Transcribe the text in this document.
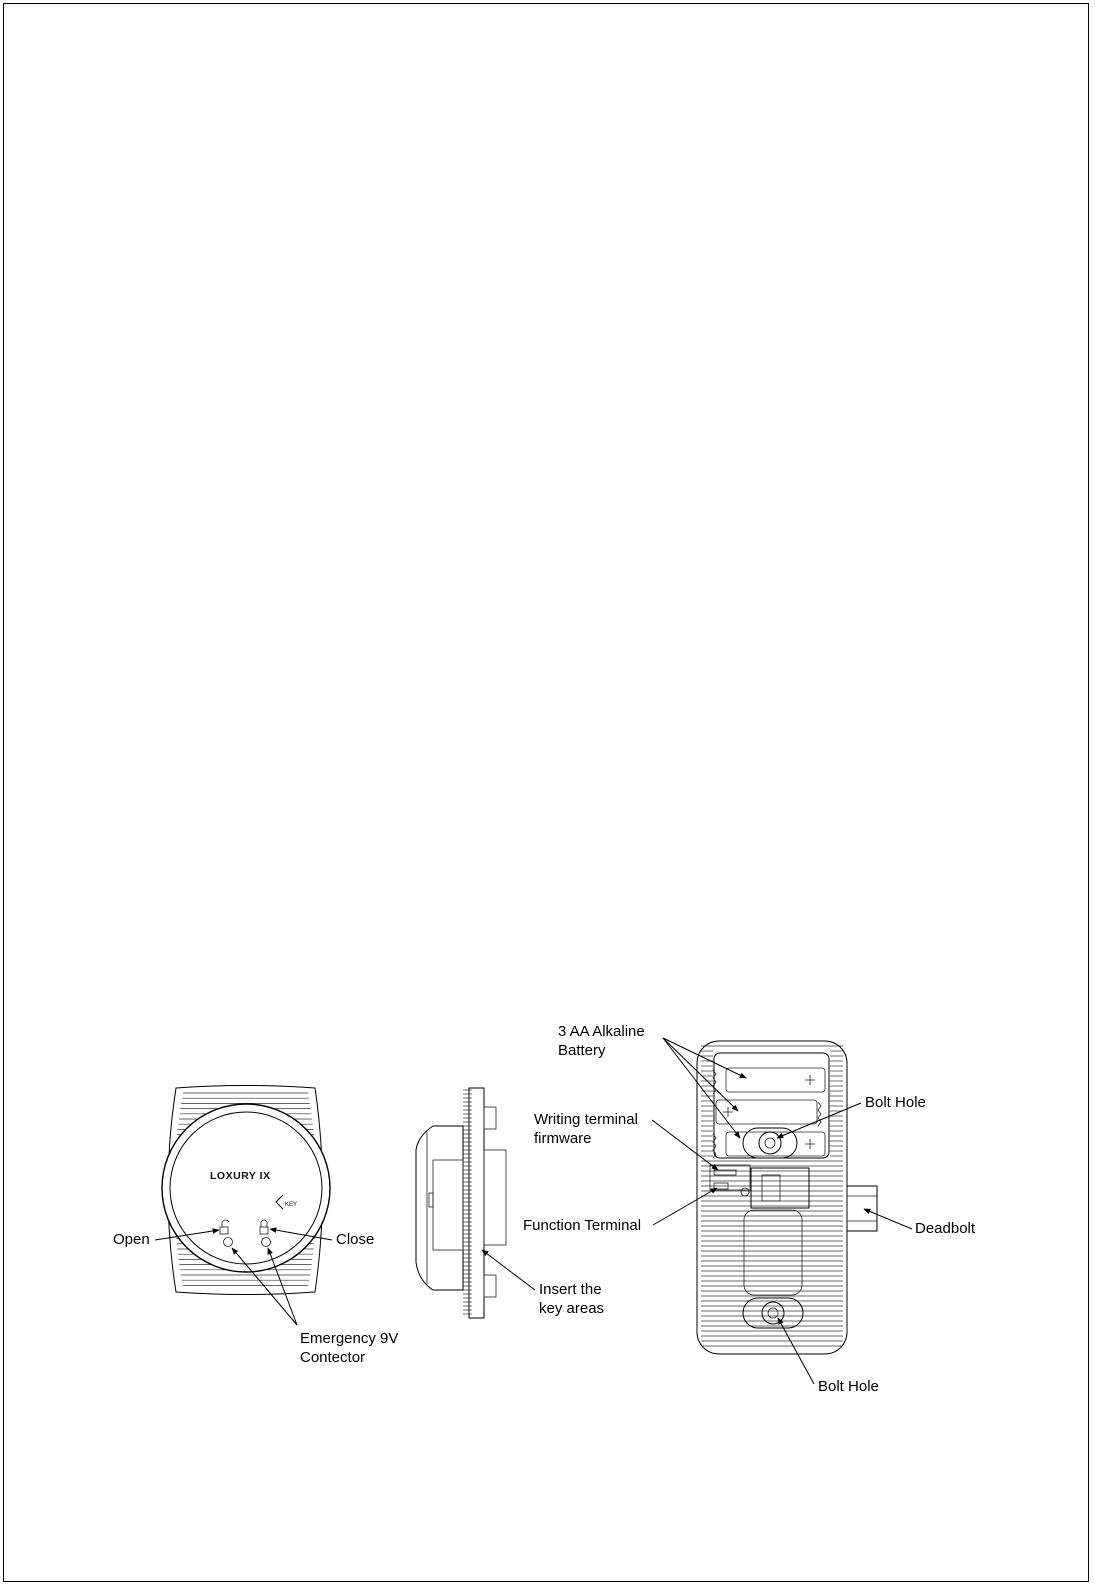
LOXURY IX
KEY
Open	Close
Emergency 9V
Contector
Insert the
key areas
3 AA Alkaline
Battery
Bolt Hole
Writing terminal
firmware
Function Terminal	Deadbolt
Bolt Hole
